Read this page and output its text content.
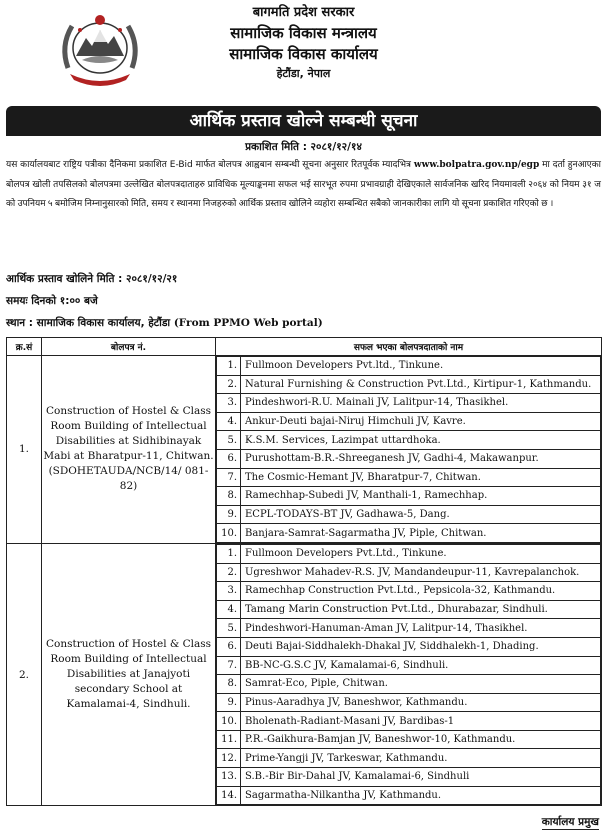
बागमति प्रदेश सरकार
सामाजिक विकास मन्त्रालय
सामाजिक विकास कार्यालय
हेटौंडा, नेपाल
आर्थिक प्रस्ताव खोल्ने सम्बन्धी सूचना
प्रकाशित मिति : २०८१/१२/१४
यस कार्यालयबाट राष्ट्रिय पत्रीका दैनिकमा प्रकाशित E-Bid मार्फत बोलपत्र आह्वबान सम्बन्धी सूचना अनुसार रितपूर्वक म्यादभित्र www.bolpatra.gov.np/egp मा दर्ता हुनआएका बोलपत्र खोली तपसिलको बोलपत्रमा उल्लेखित बोलपत्रदाताहरु प्राविधिक मूल्याङ्कनमा सफल भई सारभूत रुपमा प्रभावग्राही देखिएकाले सार्वजनिक खरिद नियमावली २०६४ को नियम ३१ ज को उपनियम ५ बमोजिम निम्नानुसारको मिति, समय र स्थानमा निजहरुको आर्थिक प्रस्ताव खोलिने व्यहोरा सम्बन्धित सबैको जानकारीका लागि यो सूचना प्रकाशित गरिएको छ ।
आर्थिक प्रस्ताव खोलिने मिति : २०८१/१२/२१
समयः दिनको १:०० बजे
स्थान : सामाजिक विकास कार्यालय, हेटौंडा (From PPMO Web portal)
क्र.सं	बोलपत्र नं.	सफल भएका बोलपत्रदाताको नाम
1.	Construction of Hostel & Class Room Building of Intellectual Disabilities at Sidhibinayak Mabi at Bharatpur-11, Chitwan. (SDOHETAUDA/NCB/14/ 081-82)	
1.	Fullmoon Developers Pvt.ltd., Tinkune.
2.	Natural Furnishing & Construction Pvt.Ltd., Kirtipur-1, Kathmandu.
3.	Pindeshwori-R.U. Mainali JV, Lalitpur-14, Thasikhel.
4.	Ankur-Deuti bajai-Niruj Himchuli JV, Kavre.
5.	K.S.M. Services, Lazimpat uttardhoka.
6.	Purushottam-B.R.-Shreeganesh JV, Gadhi-4, Makawanpur.
7.	The Cosmic-Hemant JV, Bharatpur-7, Chitwan.
8.	Ramechhap-Subedi JV, Manthali-1, Ramechhap.
9.	ECPL-TODAYS-BT JV, Gadhawa-5, Dang.
10.	Banjara-Samrat-Sagarmatha JV, Piple, Chitwan.

2.	Construction of Hostel & Class Room Building of Intellectual Disabilities at Janajyoti secondary School at Kamalamai-4, Sindhuli.	
1.	Fullmoon Developers Pvt.Ltd., Tinkune.
2.	Ugreshwor Mahadev-R.S. JV, Mandandeupur-11, Kavrepalanchok.
3.	Ramechhap Construction Pvt.Ltd., Pepsicola-32, Kathmandu.
4.	Tamang Marin Construction Pvt.Ltd., Dhurabazar, Sindhuli.
5.	Pindeshwori-Hanuman-Aman JV, Lalitpur-14, Thasikhel.
6.	Deuti Bajai-Siddhalekh-Dhakal JV, Siddhalekh-1, Dhading.
7.	BB-NC-G.S.C JV, Kamalamai-6, Sindhuli.
8.	Samrat-Eco, Piple, Chitwan.
9.	Pinus-Aaradhya JV, Baneshwor, Kathmandu.
10.	Bholenath-Radiant-Masani JV, Bardibas-1
11.	P.R.-Gaikhura-Bamjan JV, Baneshwor-10, Kathmandu.
12.	Prime-Yangji JV, Tarkeswar, Kathmandu.
13.	S.B.-Bir Bir-Dahal JV, Kamalamai-6, Sindhuli
14.	Sagarmatha-Nilkantha JV, Kathmandu.
कार्यालय प्रमुख
